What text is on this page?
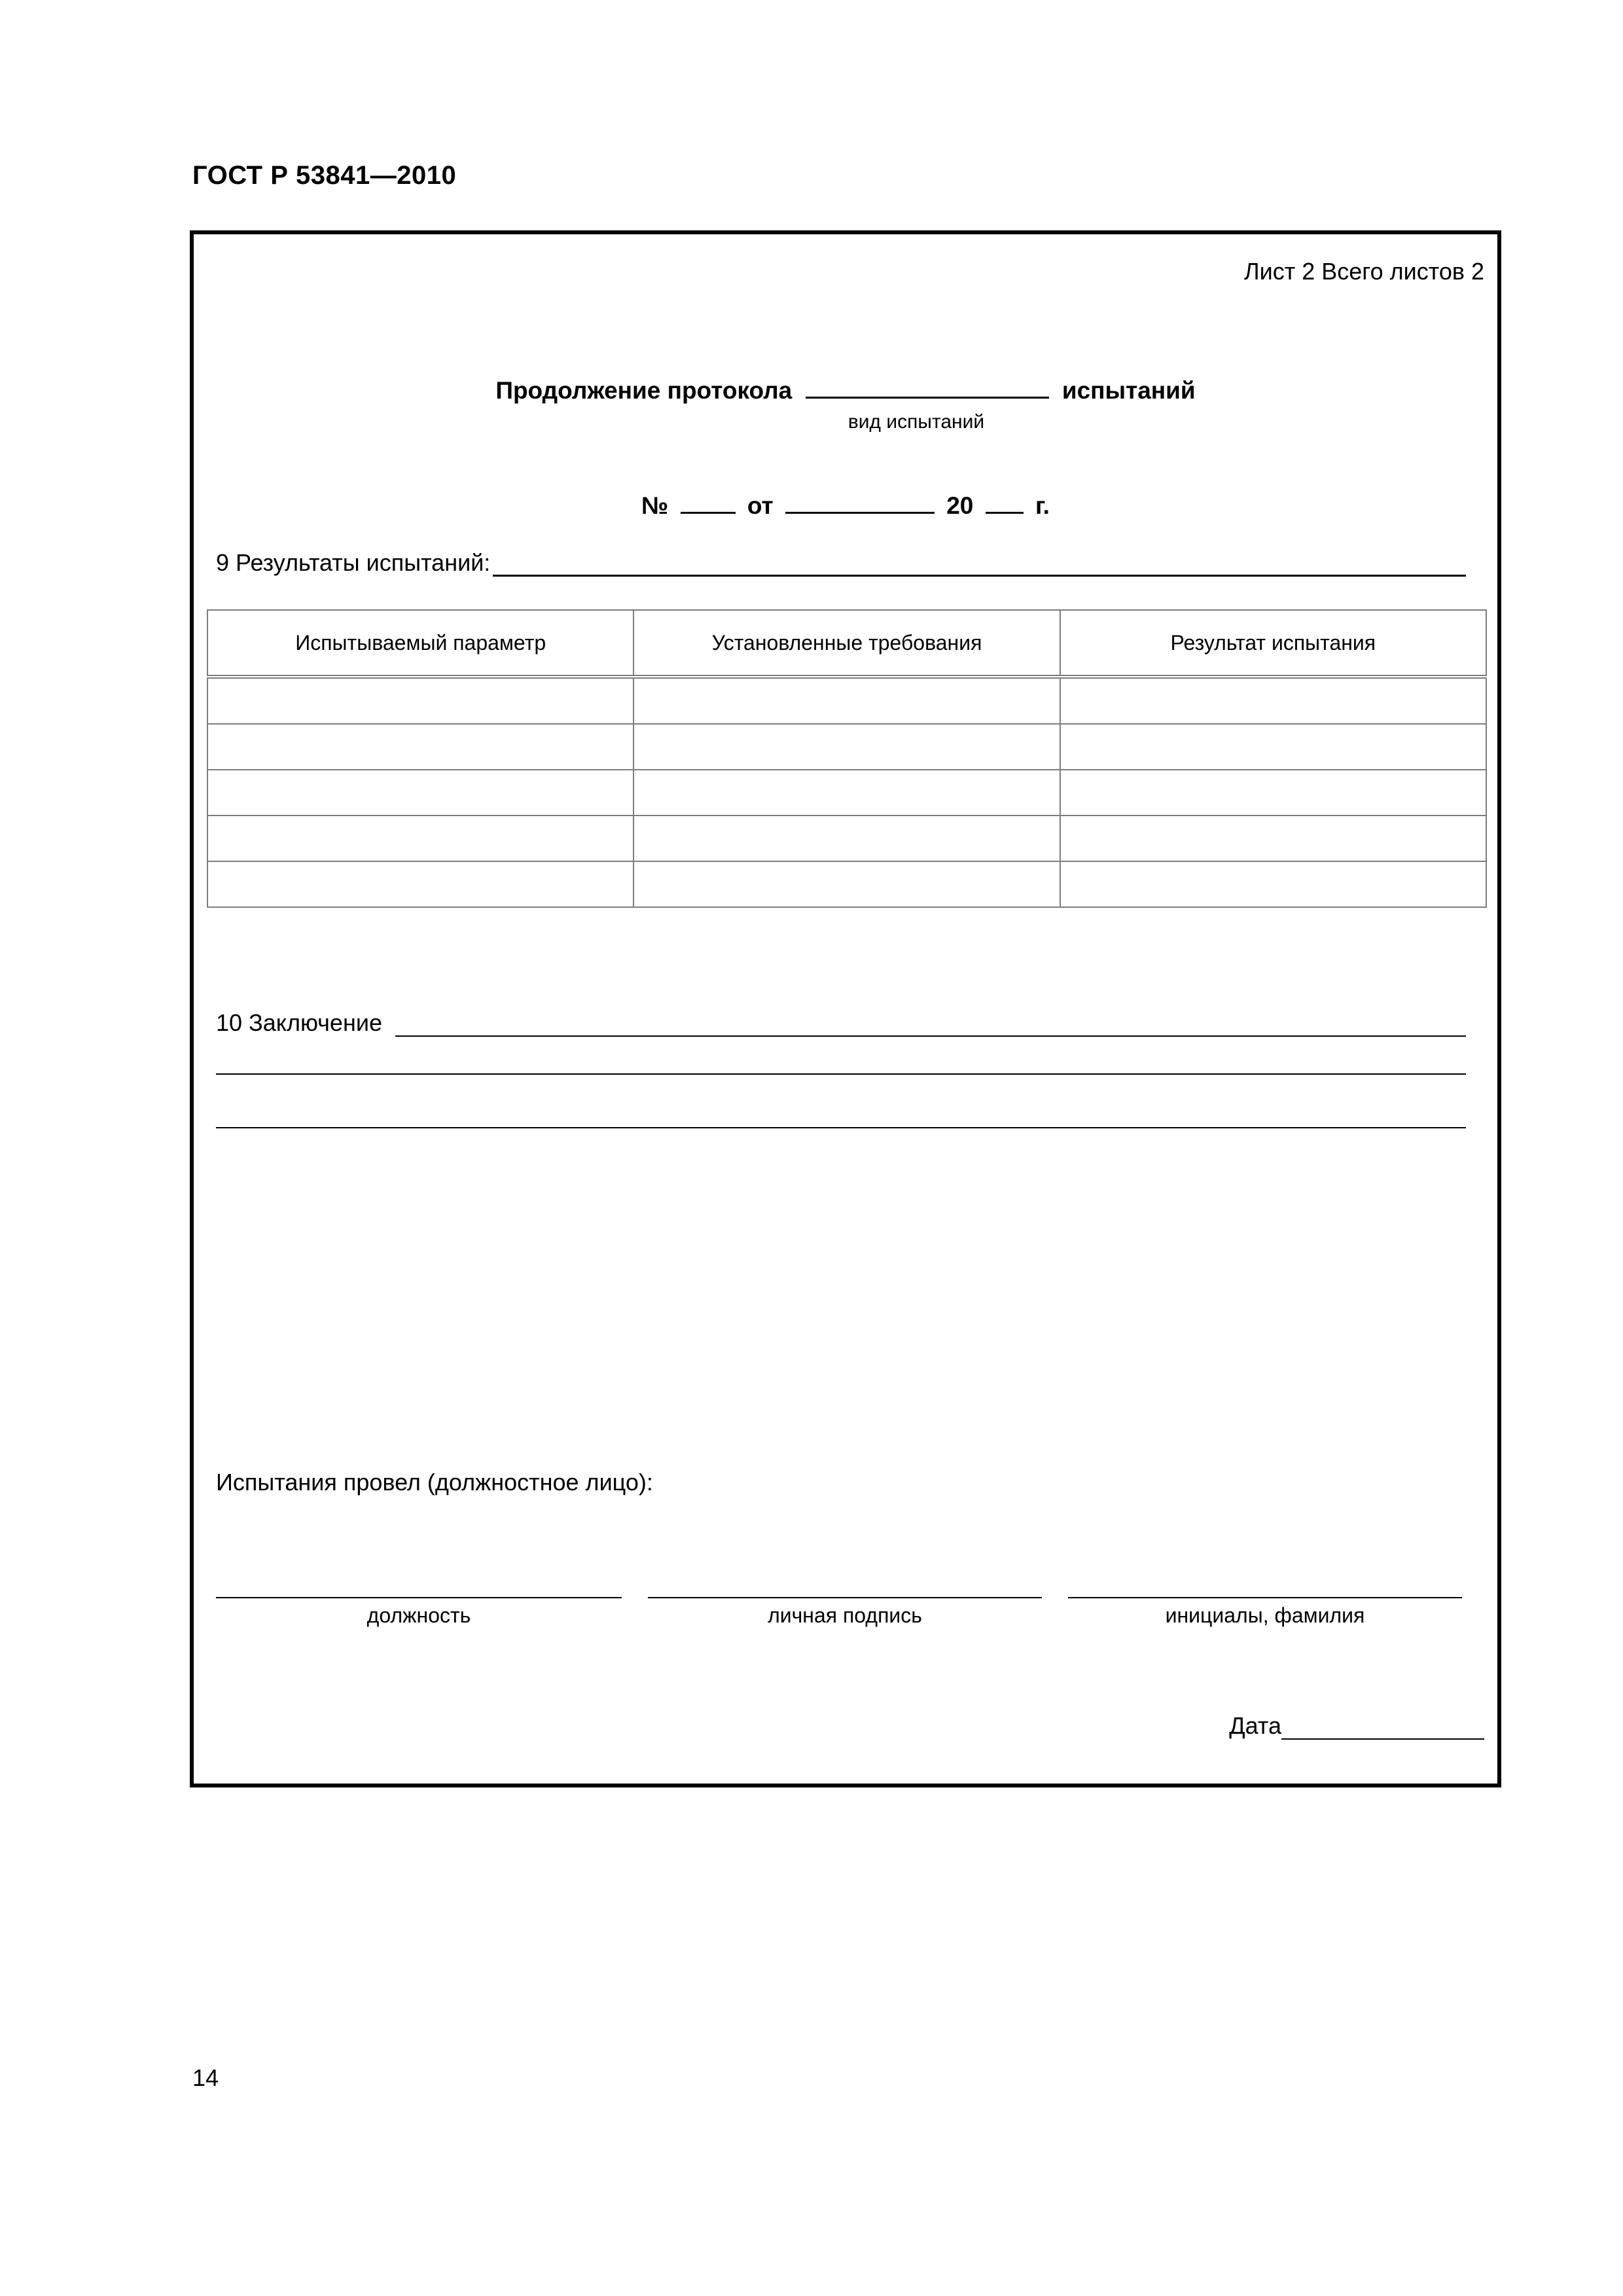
ГОСТ Р 53841—2010
Лист 2 Всего листов 2
Продолжение протокола	испытаний
вид испытаний
№	от	20	г.
9 Результаты испытаний:
Испытываемый параметр	Установленные требования	Результат испытания

10 Заключение
Испытания провел (должностное лицо):
должность	личная подпись	инициалы, фамилия
Дата
14
